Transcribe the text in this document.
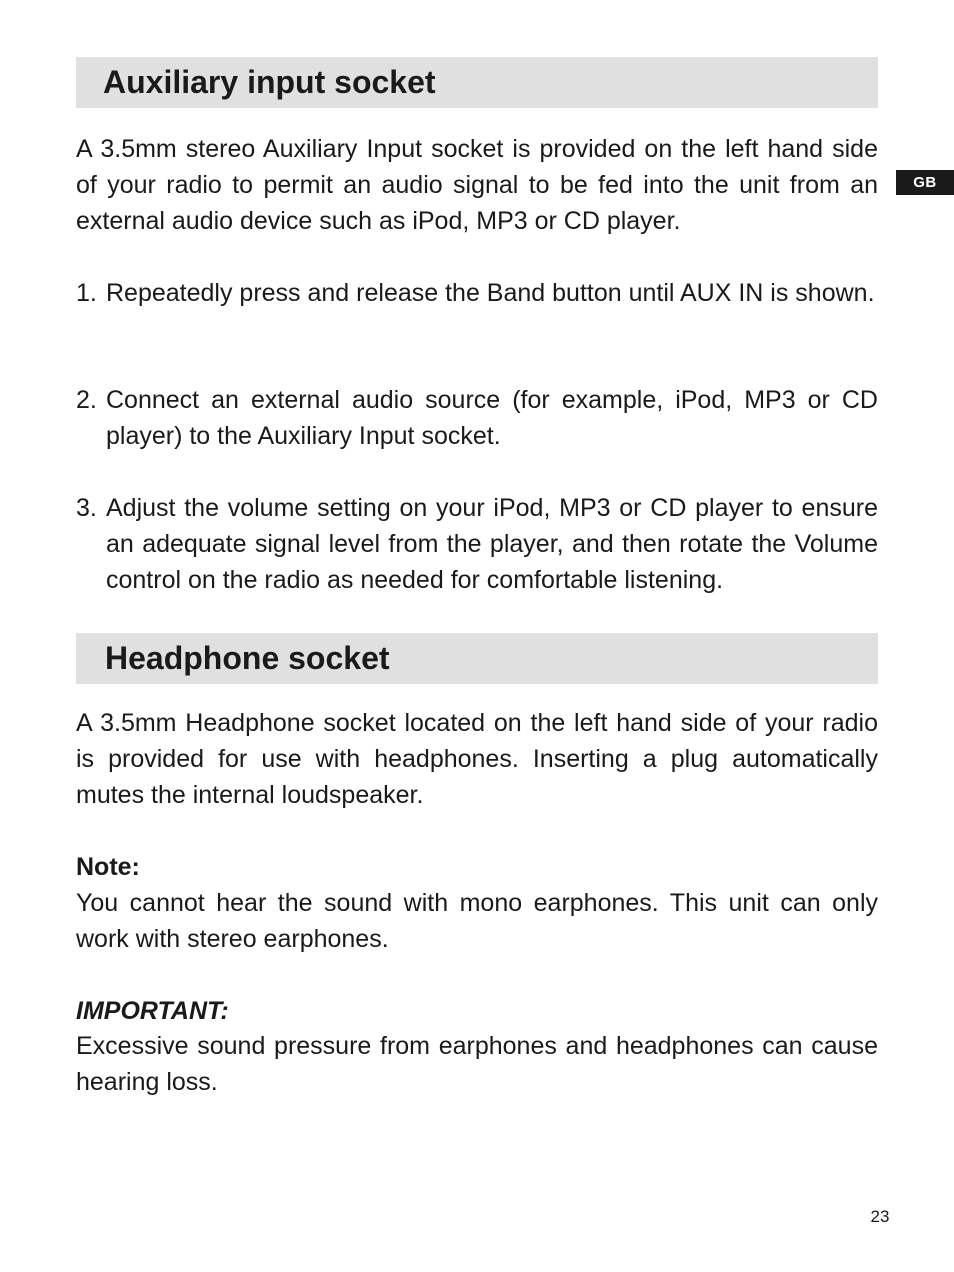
GB
Auxiliary input socket

A 3.5mm stereo Auxiliary Input socket is provided on the left hand side of your radio to permit an audio signal to be fed into the unit from an external audio device such as iPod, MP3 or CD player.

1. Repeatedly press and release the Band button until AUX IN is shown.

2. Connect an external audio source (for example, iPod, MP3 or CD player) to the Auxiliary Input socket.

3. Adjust the volume setting on your iPod, MP3 or CD player to ensure an adequate signal level from the player, and then rotate the Volume control on the radio as needed for comfortable listening.

Headphone socket

A 3.5mm Headphone socket located on the left hand side of your radio is provided for use with headphones. Inserting a plug automatically mutes the internal loudspeaker.

Note:

You cannot hear the sound with mono earphones. This unit can only work with stereo earphones.

IMPORTANT:

Excessive sound pressure from earphones and headphones can cause hearing loss.

23
